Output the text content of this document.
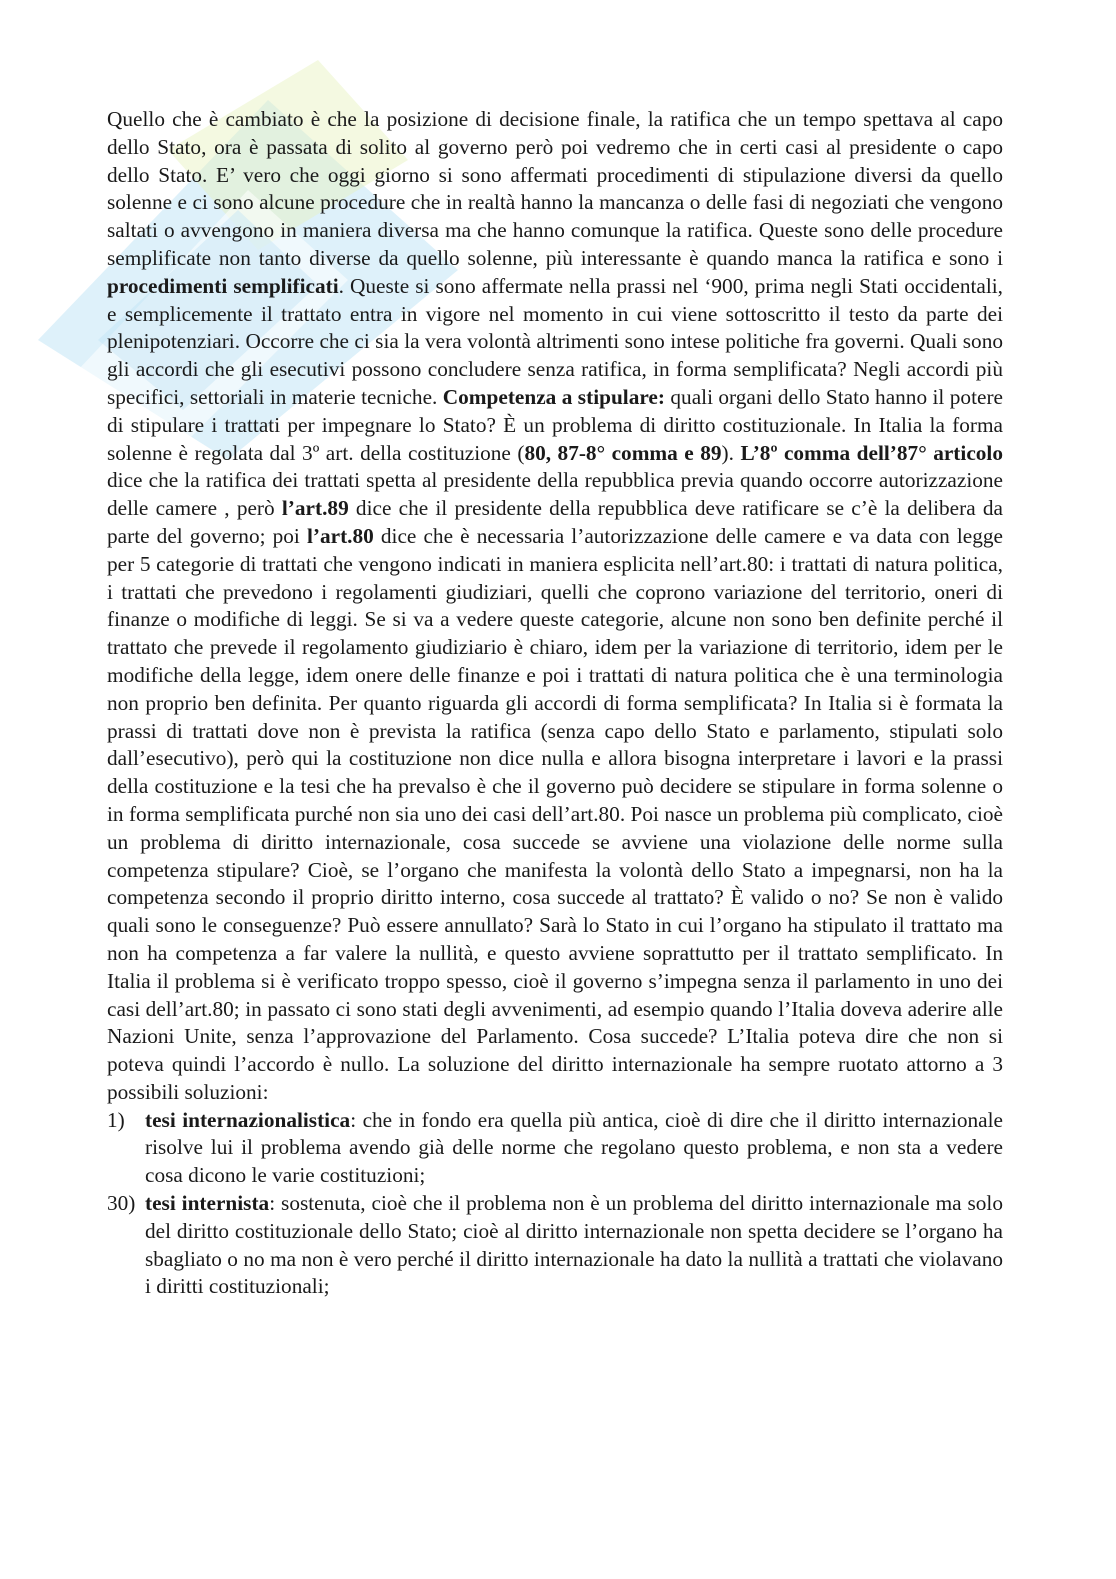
Quello che è cambiato è che la posizione di decisione finale, la ratifica che un tempo spettava al capo dello Stato, ora è passata di solito al governo però poi vedremo che in certi casi al presidente o capo dello Stato. E’ vero che oggi giorno si sono affermati procedimenti di stipulazione diversi da quello solenne e ci sono alcune procedure che in realtà hanno la mancanza o delle fasi di negoziati che vengono saltati o avvengono in maniera diversa ma che hanno comunque la ratifica. Queste sono delle procedure semplificate non tanto diverse da quello solenne, più interessante è quando manca la ratifica e sono i procedimenti semplificati. Queste si sono affermate nella prassi nel ‘900, prima negli Stati occidentali, e semplicemente il trattato entra in vigore nel momento in cui viene sottoscritto il testo da parte dei plenipotenziari. Occorre che ci sia la vera volontà altrimenti sono intese politiche fra governi. Quali sono gli accordi che gli esecutivi possono concludere senza ratifica, in forma semplificata? Negli accordi più specifici, settoriali in materie tecniche. Competenza a stipulare: quali organi dello Stato hanno il potere di stipulare i trattati per impegnare lo Stato? È un problema di diritto costituzionale. In Italia la forma solenne è regolata dal 3º art. della costituzione (80, 87-8° comma e 89). L’8º comma dell’87° articolo dice che la ratifica dei trattati spetta al presidente della repubblica previa quando occorre autorizzazione delle camere , però l’art.89 dice che il presidente della repubblica deve ratificare se c’è la delibera da parte del governo; poi l’art.80 dice che è necessaria l’autorizzazione delle camere e va data con legge per 5 categorie di trattati che vengono indicati in maniera esplicita nell’art.80: i trattati di natura politica, i trattati che prevedono i regolamenti giudiziari, quelli che coprono variazione del territorio, oneri di finanze o modifiche di leggi. Se si va a vedere queste categorie, alcune non sono ben definite perché il trattato che prevede il regolamento giudiziario è chiaro, idem per la variazione di territorio, idem per le modifiche della legge, idem onere delle finanze e poi i trattati di natura politica che è una terminologia non proprio ben definita. Per quanto riguarda gli accordi di forma semplificata? In Italia si è formata la prassi di trattati dove non è prevista la ratifica (senza capo dello Stato e parlamento, stipulati solo dall’esecutivo), però qui la costituzione non dice nulla e allora bisogna interpretare i lavori e la prassi della costituzione e la tesi che ha prevalso è che il governo può decidere se stipulare in forma solenne o in forma semplificata purché non sia uno dei casi dell’art.80. Poi nasce un problema più complicato, cioè un problema di diritto internazionale, cosa succede se avviene una violazione delle norme sulla competenza stipulare? Cioè, se l’organo che manifesta la volontà dello Stato a impegnarsi, non ha la competenza secondo il proprio diritto interno, cosa succede al trattato? È valido o no? Se non è valido quali sono le conseguenze? Può essere annullato? Sarà lo Stato in cui l’organo ha stipulato il trattato ma non ha competenza a far valere la nullità, e questo avviene soprattutto per il trattato semplificato. In Italia il problema si è verificato troppo spesso, cioè il governo s’impegna senza il parlamento in uno dei casi dell’art.80; in passato ci sono stati degli avvenimenti, ad esempio quando l’Italia doveva aderire alle Nazioni Unite, senza l’approvazione del Parlamento. Cosa succede? L’Italia poteva dire che non si poteva quindi l’accordo è nullo. La soluzione del diritto internazionale ha sempre ruotato attorno a 3 possibili soluzioni:

1) tesi internazionalistica: che in fondo era quella più antica, cioè di dire che il diritto internazionale risolve lui il problema avendo già delle norme che regolano questo problema, e non sta a vedere cosa dicono le varie costituzioni;
30) tesi internista: sostenuta, cioè che il problema non è un problema del diritto internazionale ma solo del diritto costituzionale dello Stato; cioè al diritto internazionale non spetta decidere se l’organo ha sbagliato o no ma non è vero perché il diritto internazionale ha dato la nullità a trattati che violavano i diritti costituzionali;
